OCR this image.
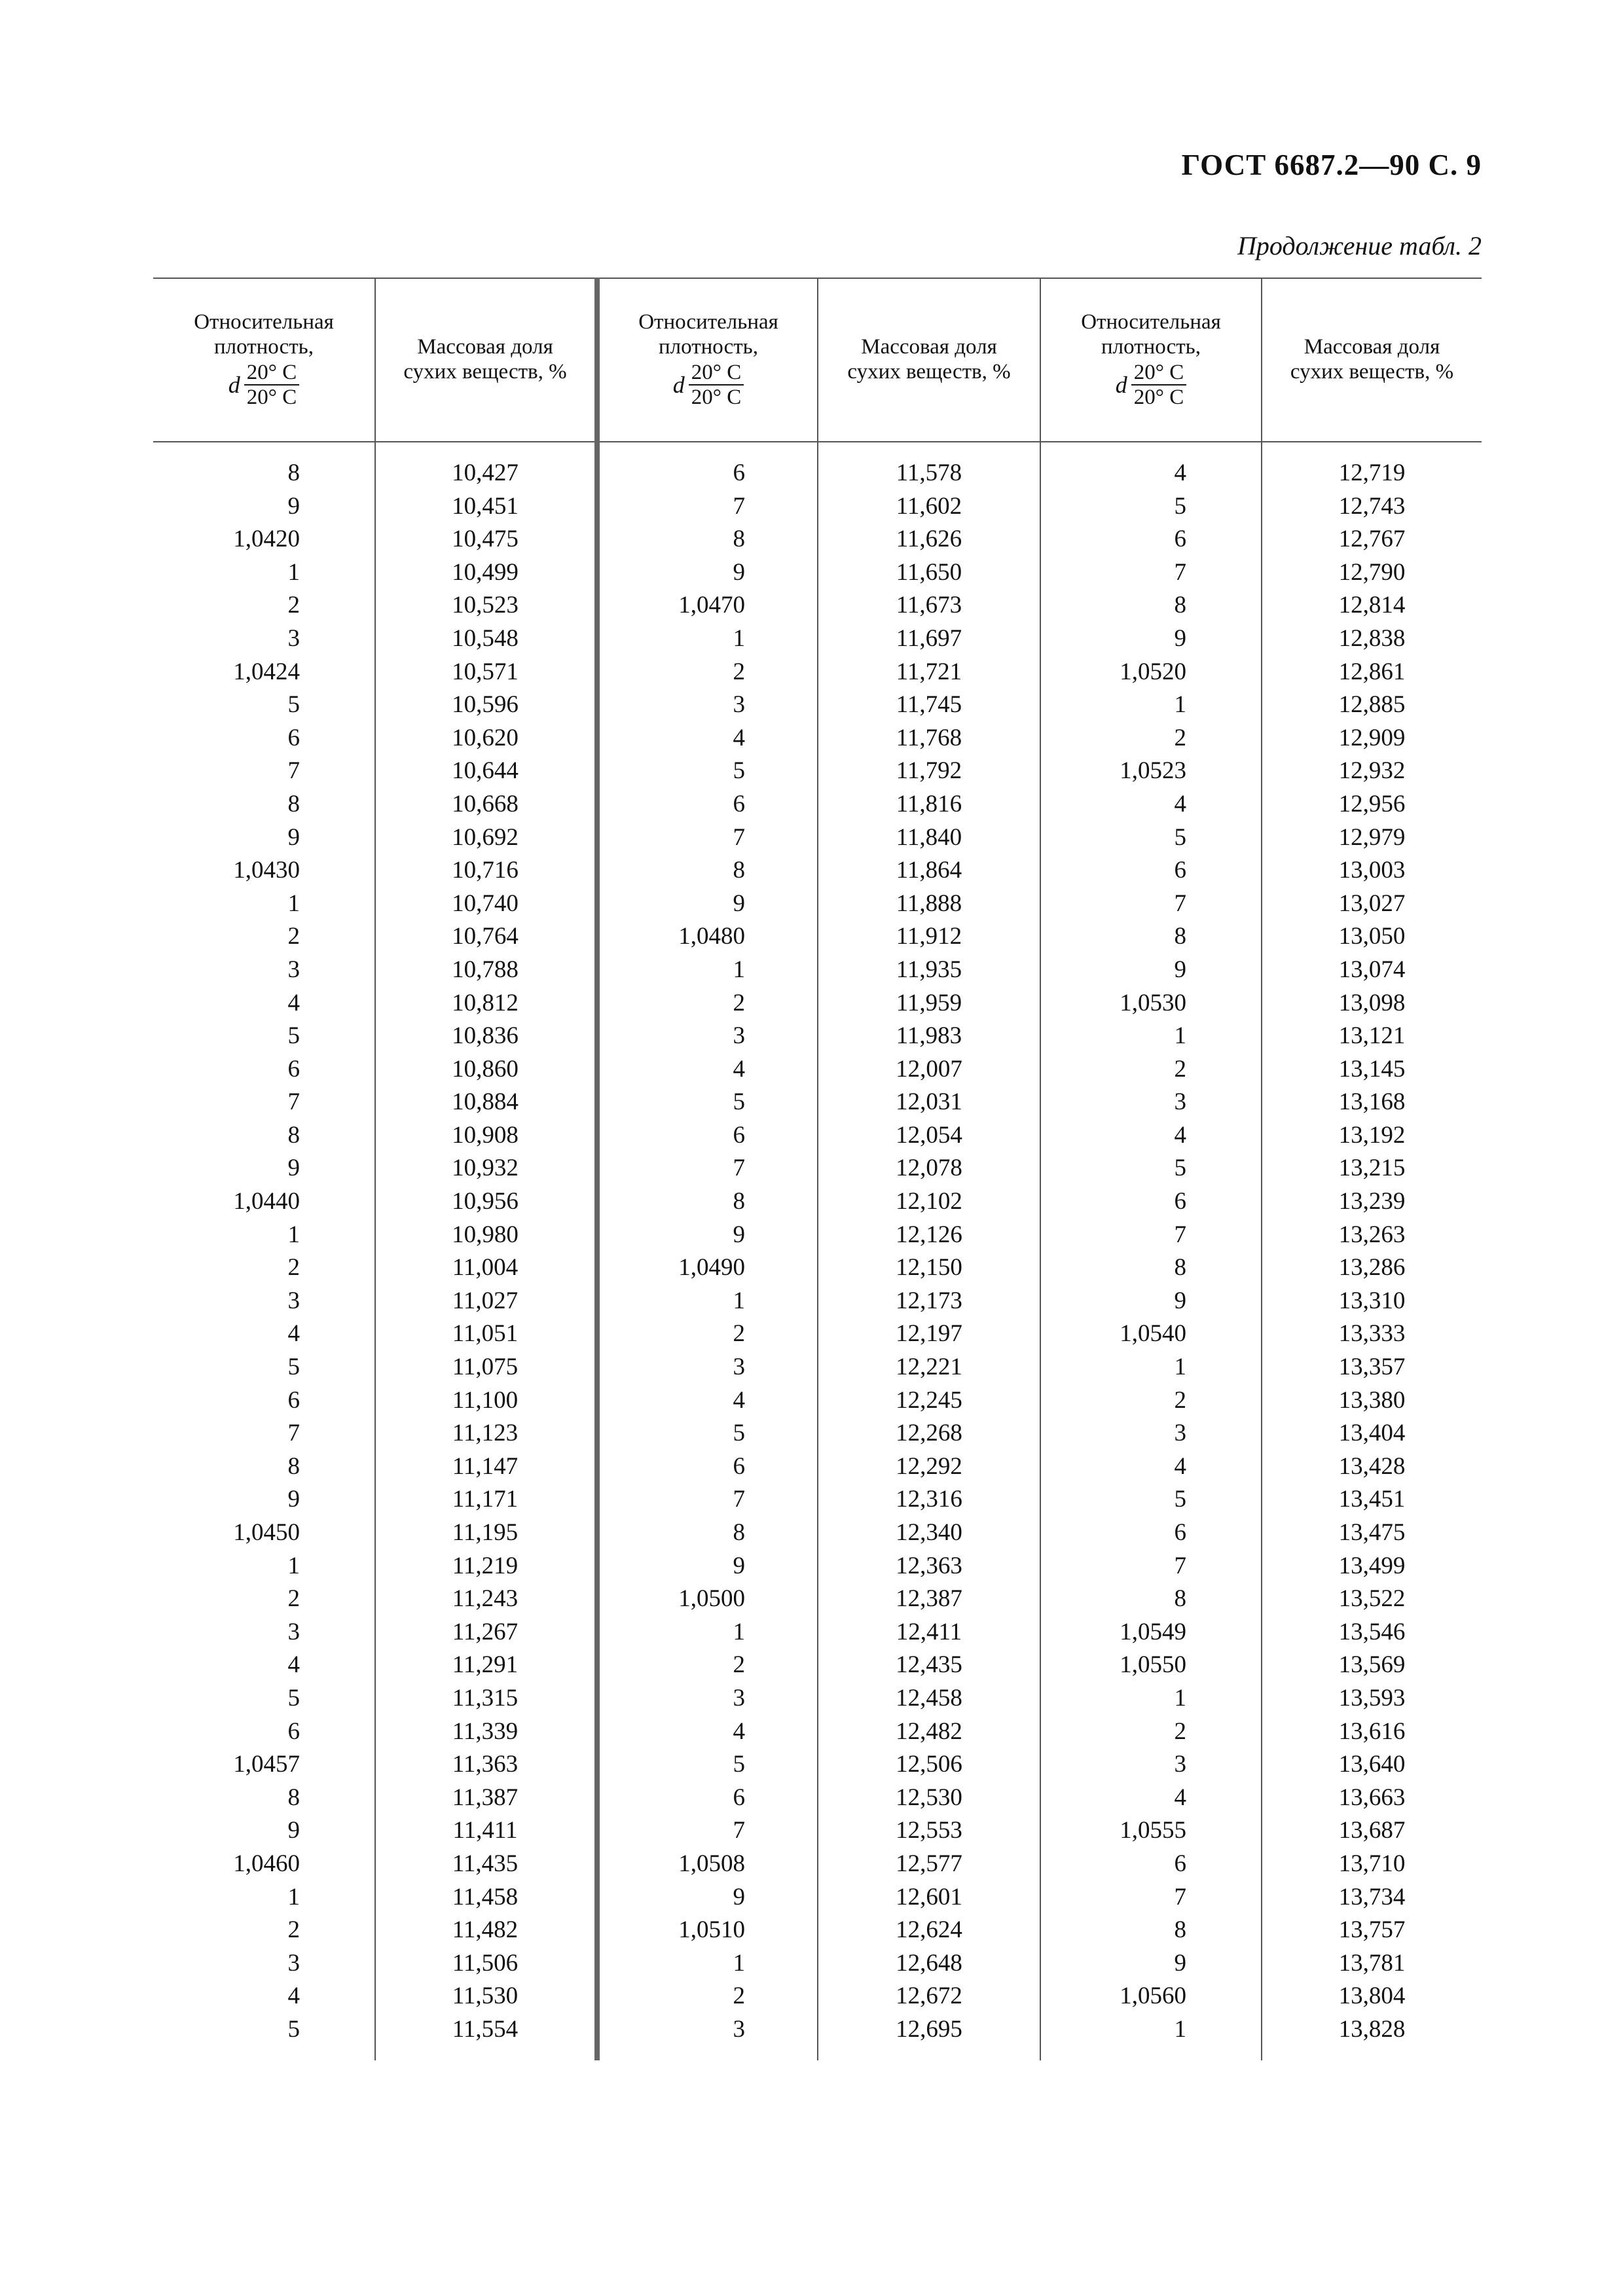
ГОСТ 6687.2—90 С. 9
Продолжение табл. 2
Относительная
плотность,
d $\frac{20^\circ C}{20^\circ C}$
Массовая доля
сухих веществ, %
Относительная
плотность,
d $\frac{20^\circ C}{20^\circ C}$
Массовая доля
сухих веществ, %
Относительная
плотность,
d $\frac{20^\circ C}{20^\circ C}$
Массовая доля
сухих веществ, %
8
9
1,0420
1
2
3
1,0424
5
6
7
8
9
1,0430
1
2
3
4
5
6
7
8
9
1,0440
1
2
3
4
5
6
7
8
9
1,0450
1
2
3
4
5
6
1,0457
8
9
1,0460
1
2
3
4
5
10,427
10,451
10,475
10,499
10,523
10,548
10,571
10,596
10,620
10,644
10,668
10,692
10,716
10,740
10,764
10,788
10,812
10,836
10,860
10,884
10,908
10,932
10,956
10,980
11,004
11,027
11,051
11,075
11,100
11,123
11,147
11,171
11,195
11,219
11,243
11,267
11,291
11,315
11,339
11,363
11,387
11,411
11,435
11,458
11,482
11,506
11,530
11,554
6
7
8
9
1,0470
1
2
3
4
5
6
7
8
9
1,0480
1
2
3
4
5
6
7
8
9
1,0490
1
2
3
4
5
6
7
8
9
1,0500
1
2
3
4
5
6
7
1,0508
9
1,0510
1
2
3
11,578
11,602
11,626
11,650
11,673
11,697
11,721
11,745
11,768
11,792
11,816
11,840
11,864
11,888
11,912
11,935
11,959
11,983
12,007
12,031
12,054
12,078
12,102
12,126
12,150
12,173
12,197
12,221
12,245
12,268
12,292
12,316
12,340
12,363
12,387
12,411
12,435
12,458
12,482
12,506
12,530
12,553
12,577
12,601
12,624
12,648
12,672
12,695
4
5
6
7
8
9
1,0520
1
2
1,0523
4
5
6
7
8
9
1,0530
1
2
3
4
5
6
7
8
9
1,0540
1
2
3
4
5
6
7
8
1,0549
1,0550
1
2
3
4
1,0555
6
7
8
9
1,0560
1
12,719
12,743
12,767
12,790
12,814
12,838
12,861
12,885
12,909
12,932
12,956
12,979
13,003
13,027
13,050
13,074
13,098
13,121
13,145
13,168
13,192
13,215
13,239
13,263
13,286
13,310
13,333
13,357
13,380
13,404
13,428
13,451
13,475
13,499
13,522
13,546
13,569
13,593
13,616
13,640
13,663
13,687
13,710
13,734
13,757
13,781
13,804
13,828
